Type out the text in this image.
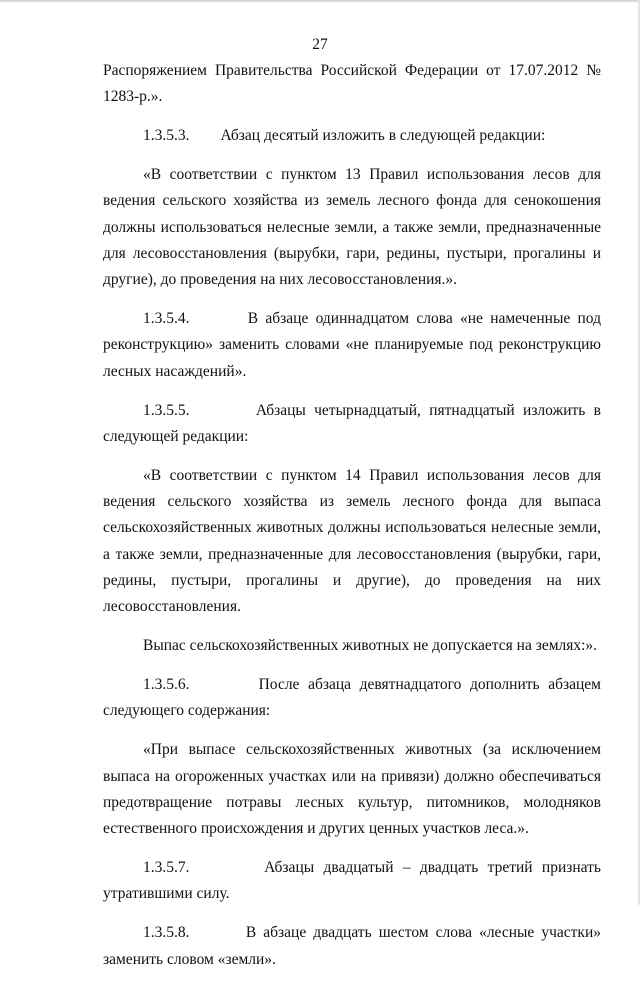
27

Распоряжением Правительства Российской Федерации от 17.07.2012 № 1283-р.».

1.3.5.3.        Абзац десятый изложить в следующей редакции:

«В соответствии с пунктом 13 Правил использования лесов для ведения сельского хозяйства из земель лесного фонда для сенокошения должны использоваться нелесные земли, а также земли, предназначенные для лесовосстановления (вырубки, гари, редины, пустыри, прогалины и другие), до проведения на них лесовосстановления.».

1.3.5.4.        В абзаце одиннадцатом слова «не намеченные под реконструкцию» заменить словами «не планируемые под реконструкцию лесных насаждений».

1.3.5.5.        Абзацы четырнадцатый, пятнадцатый изложить в следующей редакции:

«В соответствии с пунктом 14 Правил использования лесов для ведения сельского хозяйства из земель лесного фонда для выпаса сельскохозяйственных животных должны использоваться нелесные земли, а также земли, предназначенные для лесовосстановления (вырубки, гари, редины, пустыри, прогалины и другие), до проведения на них лесовосстановления.

Выпас сельскохозяйственных животных не допускается на землях:».

1.3.5.6.        После абзаца девятнадцатого дополнить абзацем следующего содержания:

«При выпасе сельскохозяйственных животных (за исключением выпаса на огороженных участках или на привязи) должно обеспечиваться предотвращение потравы лесных культур, питомников, молодняков естественного происхождения и других ценных участков леса.».

1.3.5.7.        Абзацы двадцатый – двадцать третий признать утратившими силу.

1.3.5.8.        В абзаце двадцать шестом слова «лесные участки» заменить словом «земли».
